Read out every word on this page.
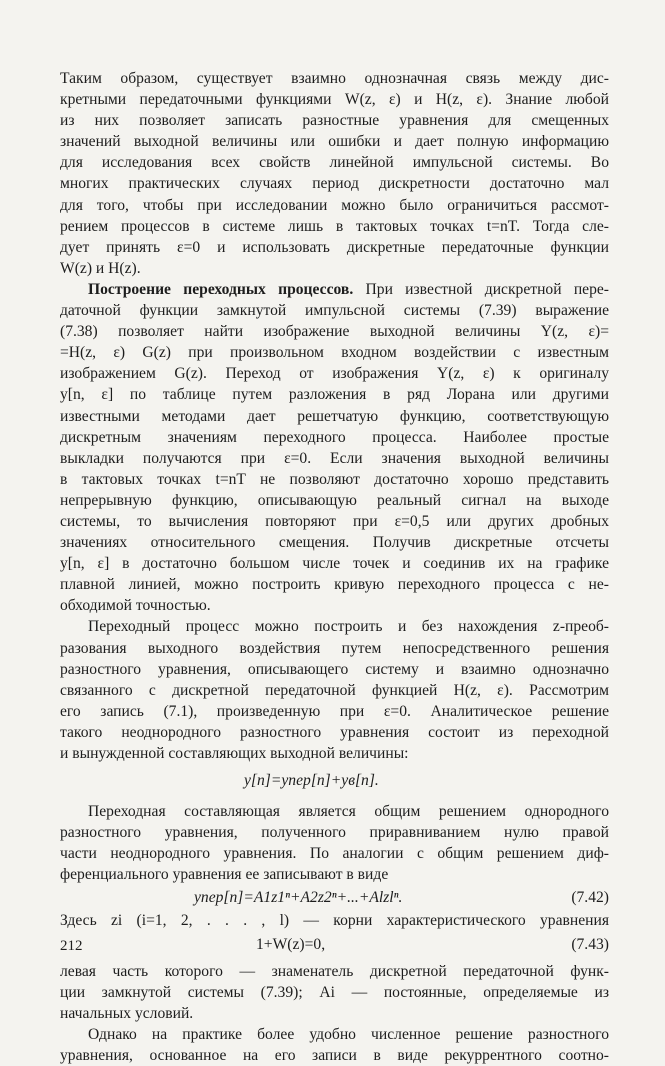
Таким образом, существует взаимно однозначная связь между дис-
кретными передаточными функциями W(z, ε) и H(z, ε). Знание любой
из них позволяет записать разностные уравнения для смещенных
значений выходной величины или ошибки и дает полную информацию
для исследования всех свойств линейной импульсной системы. Во
многих практических случаях период дискретности достаточно мал
для того, чтобы при исследовании можно было ограничиться рассмот-
рением процессов в системе лишь в тактовых точках t=nT. Тогда сле-
дует принять ε=0 и использовать дискретные передаточные функции
W(z) и H(z).

Построение переходных процессов. При известной дискретной пере-
даточной функции замкнутой импульсной системы (7.39) выражение
(7.38) позволяет найти изображение выходной величины Y(z, ε)=
=H(z, ε) G(z) при произвольном входном воздействии с известным
изображением G(z). Переход от изображения Y(z, ε) к оригиналу
y[n, ε] по таблице путем разложения в ряд Лорана или другими
известными методами дает решетчатую функцию, соответствующую
дискретным значениям переходного процесса. Наиболее простые
выкладки получаются при ε=0. Если значения выходной величины
в тактовых точках t=nT не позволяют достаточно хорошо представить
непрерывную функцию, описывающую реальный сигнал на выходе
системы, то вычисления повторяют при ε=0,5 или других дробных
значениях относительного смещения. Получив дискретные отсчеты
y[n, ε] в достаточно большом числе точек и соединив их на графике
плавной линией, можно построить кривую переходного процесса с не-
обходимой точностью.

Переходный процесс можно построить и без нахождения z-преоб-
разования выходного воздействия путем непосредственного решения
разностного уравнения, описывающего систему и взаимно однозначно
связанного с дискретной передаточной функцией H(z, ε). Рассмотрим
его запись (7.1), произведенную при ε=0. Аналитическое решение
такого неоднородного разностного уравнения состоит из переходной
и вынужденной составляющих выходной величины:

y[n]=yпер[n]+yв[n].

Переходная составляющая является общим решением однородного
разностного уравнения, полученного приравниванием нулю правой
части неоднородного уравнения. По аналогии с общим решением диф-
ференциального уравнения ее записывают в виде

yпер[n]=A1z1ⁿ+A2z2ⁿ+...+Alzlⁿ.	(7.42)

Здесь zi (i=1, 2, . . . , l) — корни характеристического уравнения

1+W(z)=0,	(7.43)

левая часть которого — знаменатель дискретной передаточной функ-
ции замкнутой системы (7.39); Ai — постоянные, определяемые из
начальных условий.

Однако на практике более удобно численное решение разностного
уравнения, основанное на его записи в виде рекуррентного соотно-

212
